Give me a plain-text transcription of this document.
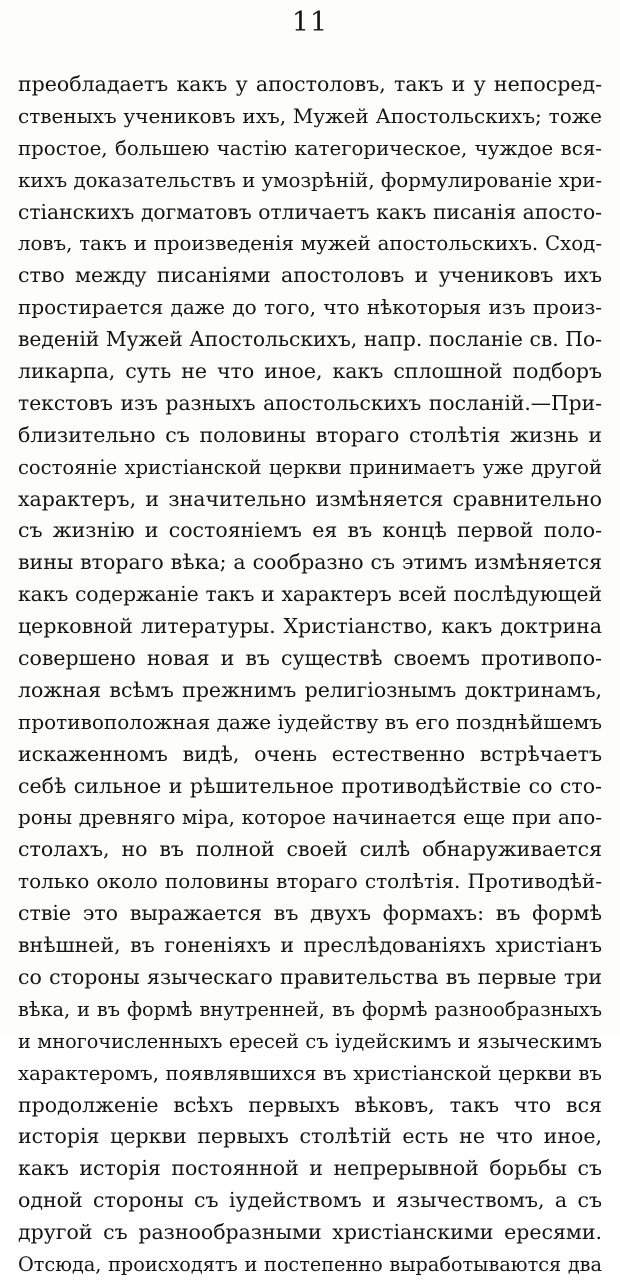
11
преобладаетъ какъ у апостоловъ, такъ и у непосред-
ственыхъ учениковъ ихъ, Мужей Апостольскихъ; тоже
простое, большею частію категорическое, чуждое вся-
кихъ доказательствъ и умозрѣній, формулированіе хри-
стіанскихъ догматовъ отличаетъ какъ писанія апосто-
ловъ, такъ и произведенія мужей апостольскихъ. Сход-
ство между писаніями апостоловъ и учениковъ ихъ
простирается даже до того, что нѣкоторыя изъ произ-
веденій Мужей Апостольскихъ, напр. посланіе св. По-
ликарпа, суть не что иное, какъ сплошной подборъ
текстовъ изъ разныхъ апостольскихъ посланій.—При-
близительно съ половины втораго столѣтія жизнь и
состояніе христіанской церкви принимаетъ уже другой
характеръ, и значительно измѣняется сравнительно
съ жизнію и состояніемъ ея въ концѣ первой поло-
вины втораго вѣка; а сообразно съ этимъ измѣняется
какъ содержаніе такъ и характеръ всей послѣдующей
церковной литературы. Христіанство, какъ доктрина
совершено новая и въ существѣ своемъ противопо-
ложная всѣмъ прежнимъ религіознымъ доктринамъ,
противоположная даже іудейству въ его позднѣйшемъ
искаженномъ видѣ, очень естественно встрѣчаетъ
себѣ сильное и рѣшительное противодѣйствіе со сто-
роны древняго міра, которое начинается еще при апо-
столахъ, но въ полной своей силѣ обнаруживается
только около половины втораго столѣтія. Противодѣй-
ствіе это выражается въ двухъ формахъ: въ формѣ
внѣшней, въ гоненіяхъ и преслѣдованіяхъ христіанъ
со стороны языческаго правительства въ первые три
вѣка, и въ формѣ внутренней, въ формѣ разнообразныхъ
и многочисленныхъ ересей съ іудейскимъ и языческимъ
характеромъ, появлявшихся въ христіанской церкви въ
продолженіе всѣхъ первыхъ вѣковъ, такъ что вся
исторія церкви первыхъ столѣтій есть не что иное,
какъ исторія постоянной и непрерывной борьбы съ
одной стороны съ іудействомъ и язычествомъ, а съ
другой съ разнообразными христіанскими ересями.
Отсюда, происходятъ и постепенно выработываются два
